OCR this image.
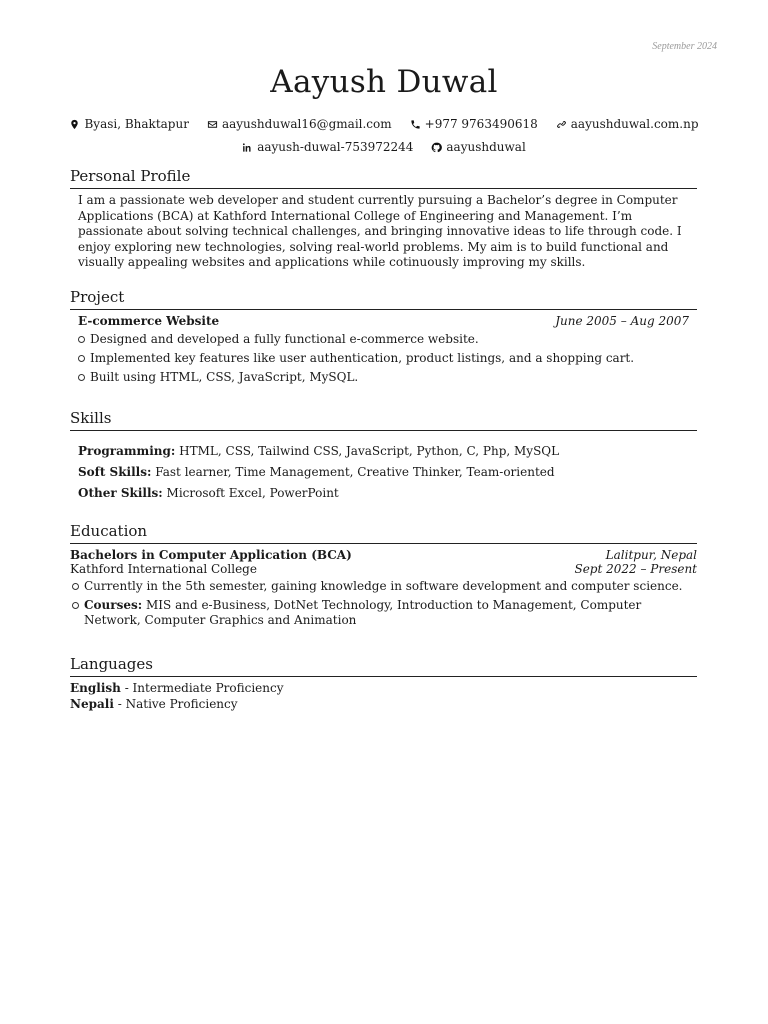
September 2024
Aayush Duwal
Byasi, Bhaktapur	aayushduwal16@gmail.com	+977 9763490618	aayushduwal.com.np
aayush-duwal-753972244	aayushduwal
Personal Profile

I am a passionate web developer and student currently pursuing a Bachelor’s degree in Computer Applications (BCA) at Kathford International College of Engineering and Management. I’m passionate about solving technical challenges, and bringing innovative ideas to life through code. I enjoy exploring new technologies, solving real-world problems. My aim is to build functional and visually appealing websites and applications while cotinuously improving my skills.

Project
E-commerce Website	June 2005 – Aug 2007
Designed and developed a fully functional e-commerce website.
Implemented key features like user authentication, product listings, and a shopping cart.
Built using HTML, CSS, JavaScript, MySQL.
Skills

Programming: HTML, CSS, Tailwind CSS, JavaScript, Python, C, Php, MySQL

Soft Skills: Fast learner, Time Management, Creative Thinker, Team-oriented

Other Skills: Microsoft Excel, PowerPoint

Education
Bachelors in Computer Application (BCA)	Lalitpur, Nepal
Kathford International College	Sept 2022 – Present
Currently in the 5th semester, gaining knowledge in software development and computer science.
Courses: MIS and e-Business, DotNet Technology, Introduction to Management, Computer Network, Computer Graphics and Animation
Languages

English - Intermediate Proficiency

Nepali - Native Proficiency
